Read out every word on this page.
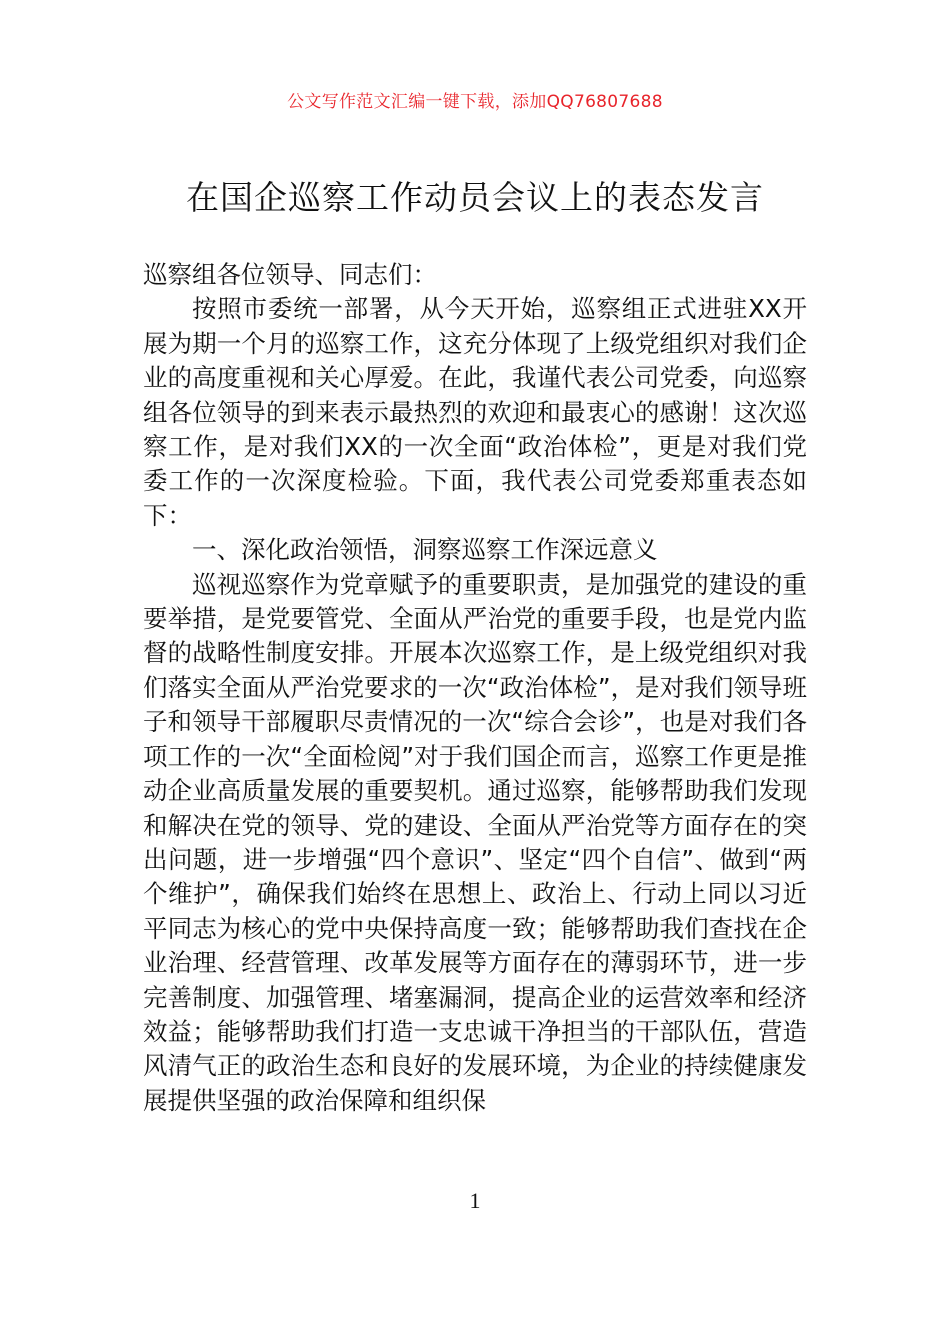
公文写作范文汇编一键下载，添加QQ76807688
在国企巡察工作动员会议上的表态发言

巡察组各位领导、同志们：

按照市委统一部署，从今天开始，巡察组正式进驻XX开展为期一个月的巡察工作，这充分体现了上级党组织对我们企业的高度重视和关心厚爱。在此，我谨代表公司党委，向巡察组各位领导的到来表示最热烈的欢迎和最衷心的感谢！这次巡察工作，是对我们XX的一次全面“政治体检”，更是对我们党委工作的一次深度检验。下面，我代表公司党委郑重表态如下：

一、深化政治领悟，洞察巡察工作深远意义

巡视巡察作为党章赋予的重要职责，是加强党的建设的重要举措，是党要管党、全面从严治党的重要手段，也是党内监督的战略性制度安排。开展本次巡察工作，是上级党组织对我们落实全面从严治党要求的一次“政治体检”，是对我们领导班子和领导干部履职尽责情况的一次“综合会诊”，也是对我们各项工作的一次“全面检阅”对于我们国企而言，巡察工作更是推动企业高质量发展的重要契机。通过巡察，能够帮助我们发现和解决在党的领导、党的建设、全面从严治党等方面存在的突出问题，进一步增强“四个意识”、坚定“四个自信”、做到“两个维护”，确保我们始终在思想上、政治上、行动上同以习近平同志为核心的党中央保持高度一致；能够帮助我们查找在企业治理、经营管理、改革发展等方面存在的薄弱环节，进一步完善制度、加强管理、堵塞漏洞，提高企业的运营效率和经济效益；能够帮助我们打造一支忠诚干净担当的干部队伍，营造风清气正的政治生态和良好的发展环境，为企业的持续健康发展提供坚强的政治保障和组织保

1
